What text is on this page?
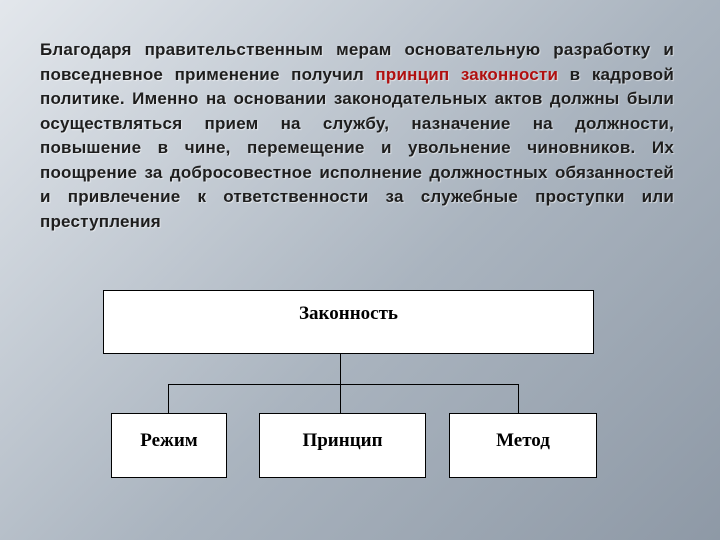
Благодаря правительственным мерам основательную разработку и повседневное применение получил принцип законности в кадровой политике. Именно на основании законодательных актов должны были осуществляться прием на службу, назначение на должности, повышение в чине, перемещение и увольнение чиновников. Их поощрение за добросовестное исполнение должностных обязанностей и привлечение к ответственности за служебные проступки или преступления
Законность
Режим	Принцип	Метод
